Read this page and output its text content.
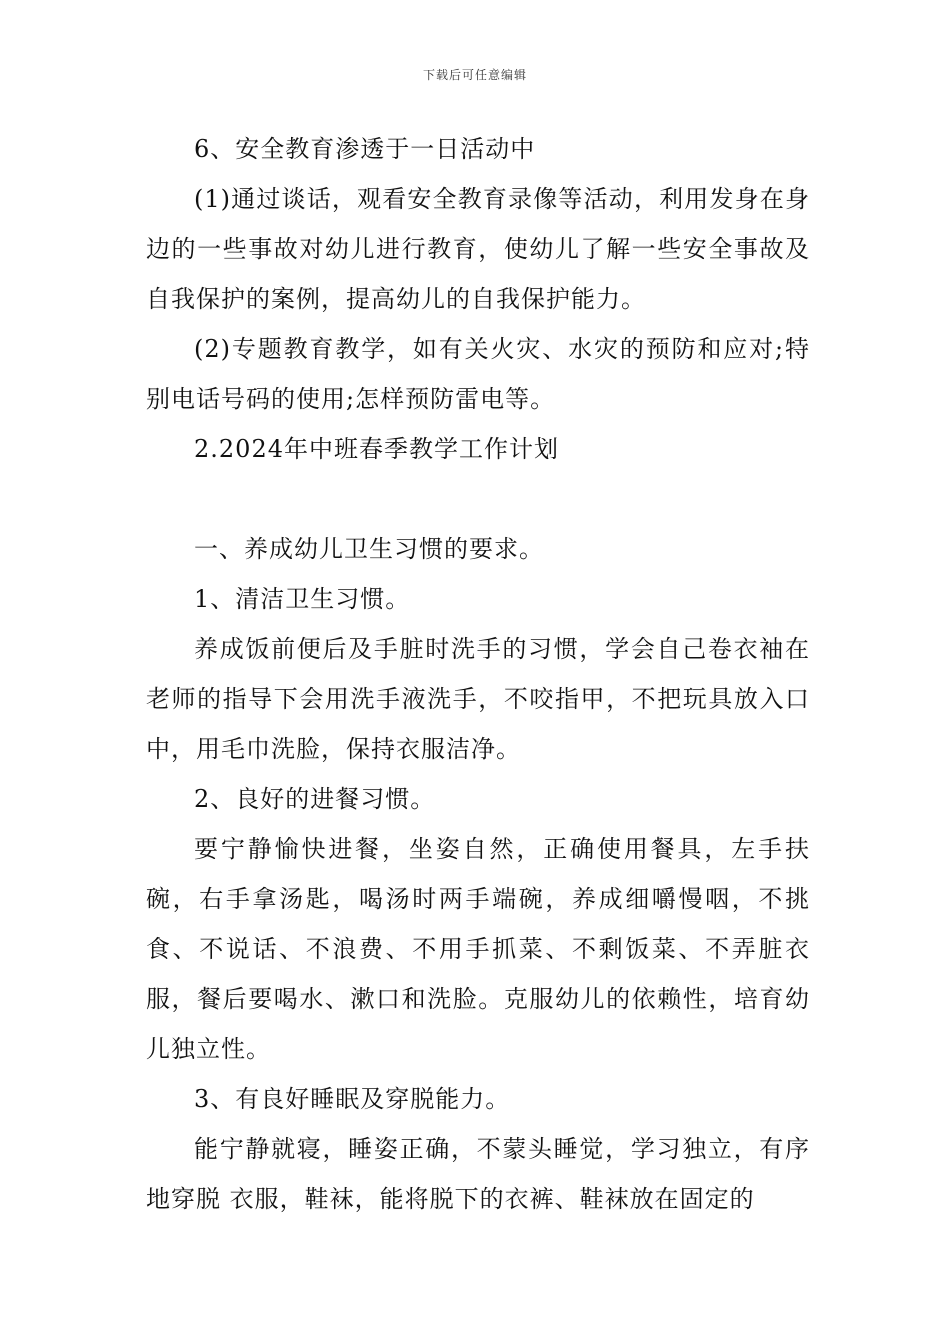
下载后可任意编辑

6、安全教育渗透于一日活动中

(1)通过谈话，观看安全教育录像等活动，利用发身在身边的一些事故对幼儿进行教育，使幼儿了解一些安全事故及自我保护的案例，提高幼儿的自我保护能力。

(2)专题教育教学，如有关火灾、水灾的预防和应对;特别电话号码的使用;怎样预防雷电等。

2.2024年中班春季教学工作计划

一、养成幼儿卫生习惯的要求。

1、清洁卫生习惯。

养成饭前便后及手脏时洗手的习惯，学会自己卷衣袖在老师的指导下会用洗手液洗手，不咬指甲，不把玩具放入口中，用毛巾洗脸，保持衣服洁净。

2、良好的进餐习惯。

要宁静愉快进餐，坐姿自然，正确使用餐具，左手扶碗，右手拿汤匙，喝汤时两手端碗，养成细嚼慢咽，不挑食、不说话、不浪费、不用手抓菜、不剩饭菜、不弄脏衣服，餐后要喝水、漱口和洗脸。克服幼儿的依赖性，培育幼儿独立性。

3、有良好睡眠及穿脱能力。

能宁静就寝，睡姿正确，不蒙头睡觉，学习独立，有序地穿脱 衣服，鞋袜，能将脱下的衣裤、鞋袜放在固定的
